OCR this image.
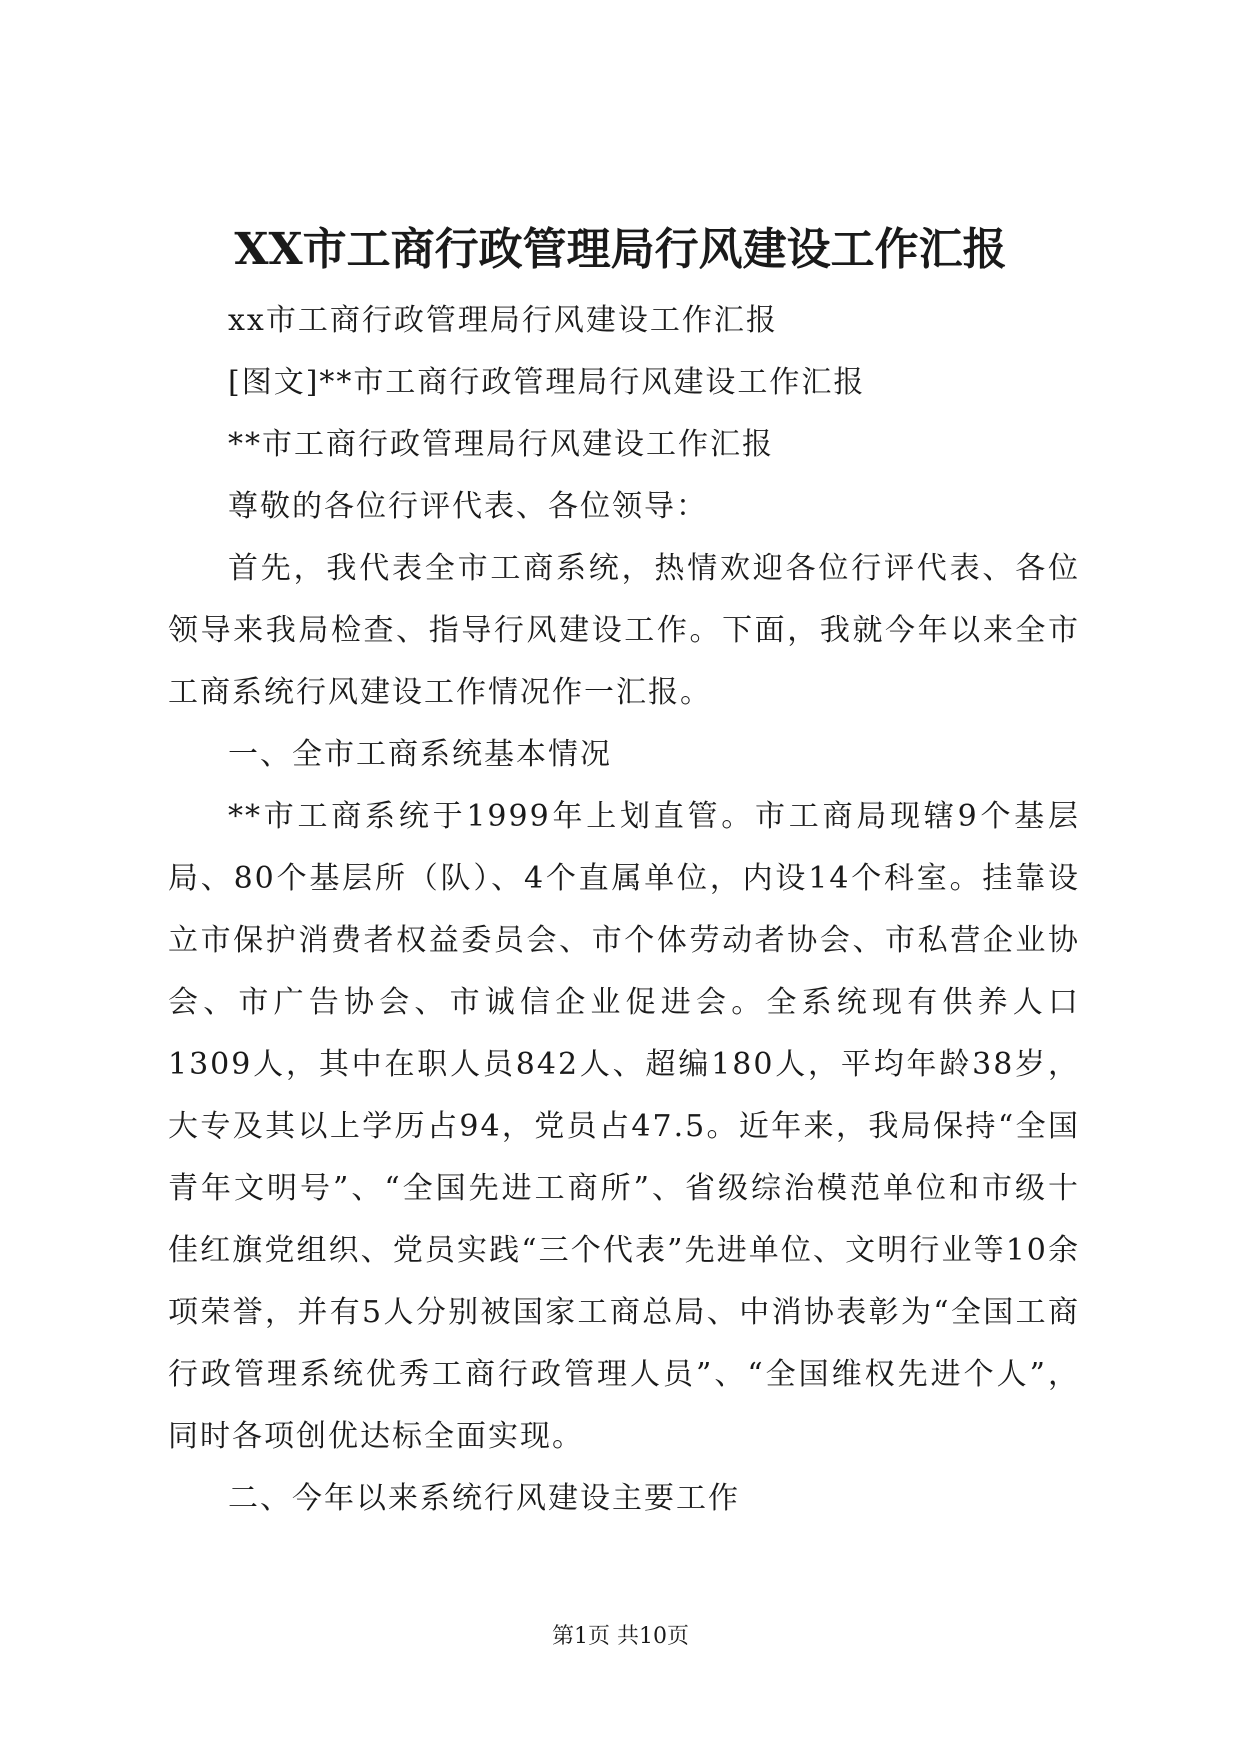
XX市工商行政管理局行风建设工作汇报

xx市工商行政管理局行风建设工作汇报

[图文]**市工商行政管理局行风建设工作汇报

**市工商行政管理局行风建设工作汇报

尊敬的各位行评代表、各位领导：

首先，我代表全市工商系统，热情欢迎各位行评代表、各位领导来我局检查、指导行风建设工作。下面，我就今年以来全市工商系统行风建设工作情况作一汇报。

一、全市工商系统基本情况

**市工商系统于1999年上划直管。市工商局现辖9个基层局、80个基层所（队）、4个直属单位，内设14个科室。挂靠设立市保护消费者权益委员会、市个体劳动者协会、市私营企业协会、市广告协会、市诚信企业促进会。全系统现有供养人口1309人，其中在职人员842人、超编180人，平均年龄38岁，大专及其以上学历占94，党员占47.5。近年来，我局保持“全国青年文明号”、“全国先进工商所”、省级综治模范单位和市级十佳红旗党组织、党员实践“三个代表”先进单位、文明行业等10余项荣誉，并有5人分别被国家工商总局、中消协表彰为“全国工商行政管理系统优秀工商行政管理人员”、“全国维权先进个人”，同时各项创优达标全面实现。

二、今年以来系统行风建设主要工作

第1页 共10页
